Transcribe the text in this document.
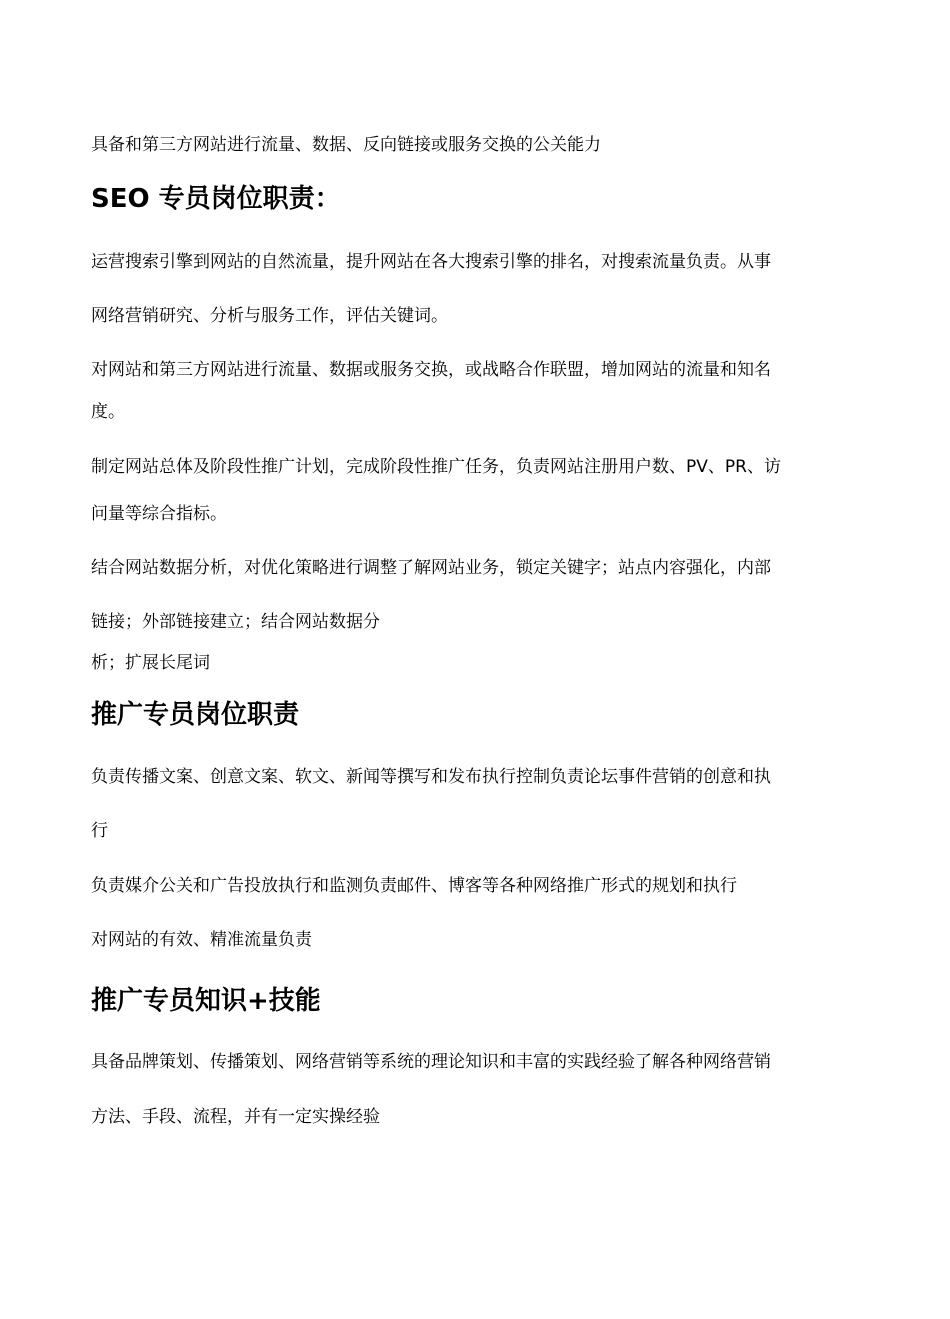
具备和第三方网站进行流量、数据、反向链接或服务交换的公关能力

SEO 专员岗位职责：

运营搜索引擎到网站的自然流量，提升网站在各大搜索引擎的排名，对搜索流量负责。从事

网络营销研究、分析与服务工作，评估关键词。

对网站和第三方网站进行流量、数据或服务交换，或战略合作联盟，增加网站的流量和知名

度。

制定网站总体及阶段性推广计划，完成阶段性推广任务，负责网站注册用户数、PV、PR、访

问量等综合指标。

结合网站数据分析，对优化策略进行调整了解网站业务，锁定关键字；站点内容强化，内部

链接；外部链接建立；结合网站数据分

析；扩展长尾词

推广专员岗位职责

负责传播文案、创意文案、软文、新闻等撰写和发布执行控制负责论坛事件营销的创意和执

行

负责媒介公关和广告投放执行和监测负责邮件、博客等各种网络推广形式的规划和执行

对网站的有效、精准流量负责

推广专员知识+技能

具备品牌策划、传播策划、网络营销等系统的理论知识和丰富的实践经验了解各种网络营销

方法、手段、流程，并有一定实操经验
